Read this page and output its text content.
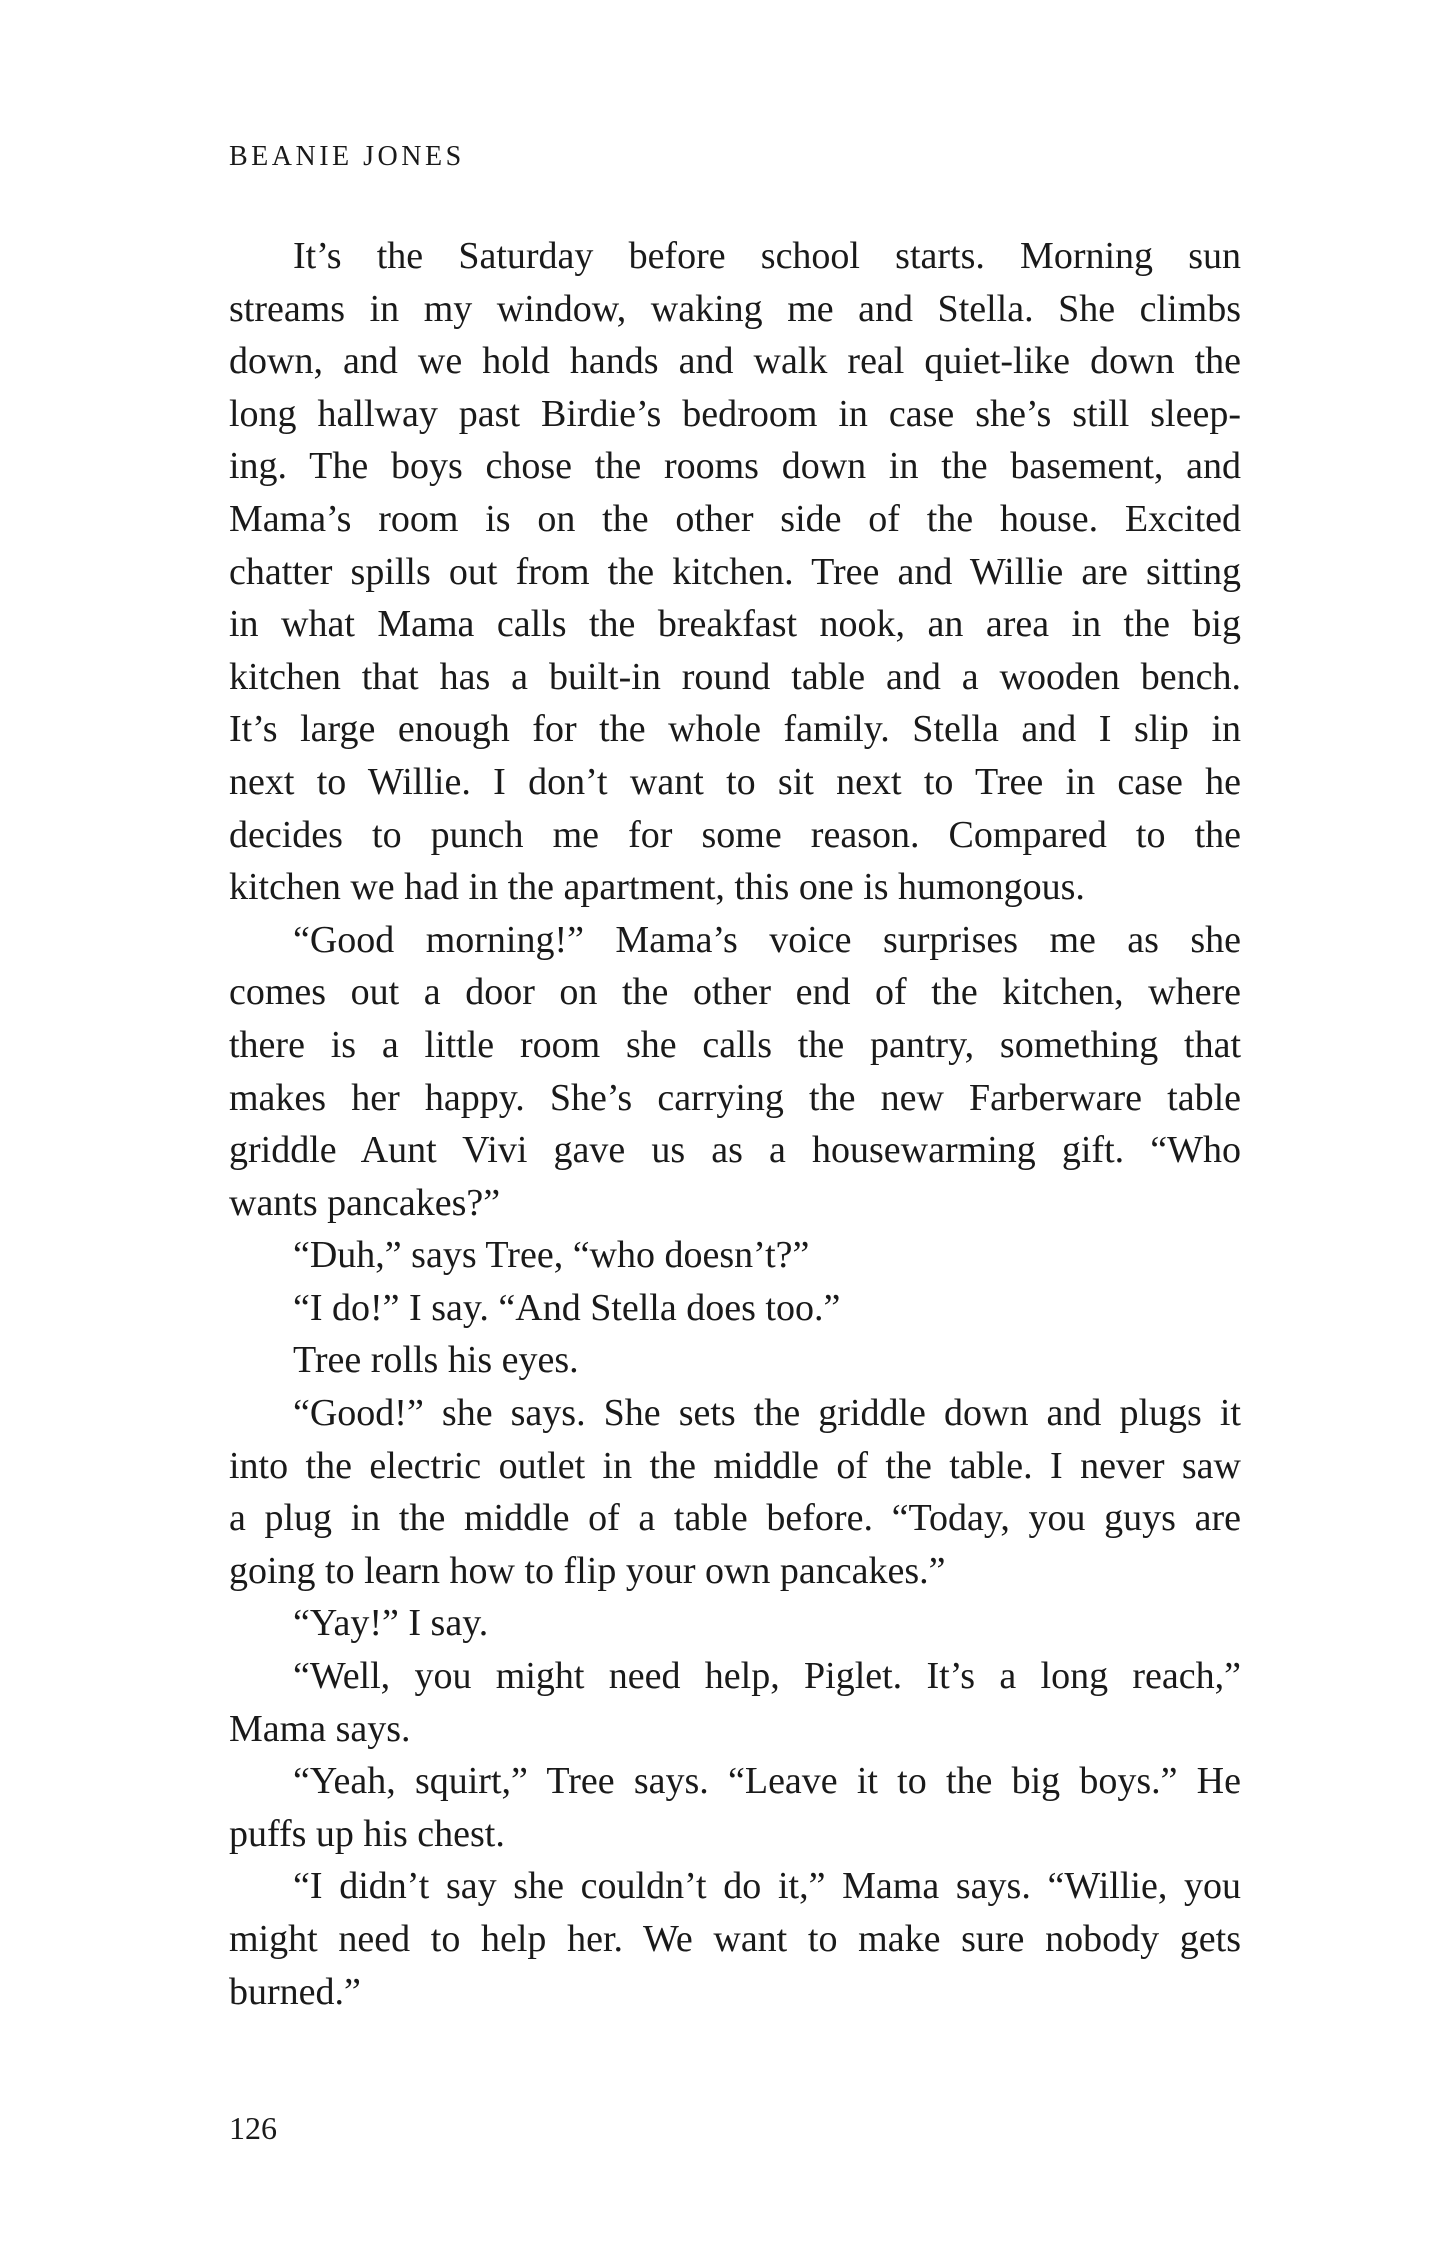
BEANIE JONES
It’s the Saturday before school starts. Morning sun
streams in my window, waking me and Stella. She climbs
down, and we hold hands and walk real quiet-like down the
long hallway past Birdie’s bedroom in case she’s still sleep-
ing. The boys chose the rooms down in the basement, and
Mama’s room is on the other side of the house. Excited
chatter spills out from the kitchen. Tree and Willie are sitting
in what Mama calls the breakfast nook, an area in the big
kitchen that has a built-in round table and a wooden bench.
It’s large enough for the whole family. Stella and I slip in
next to Willie. I don’t want to sit next to Tree in case he
decides to punch me for some reason. Compared to the
kitchen we had in the apartment, this one is humongous.
“Good morning!” Mama’s voice surprises me as she
comes out a door on the other end of the kitchen, where
there is a little room she calls the pantry, something that
makes her happy. She’s carrying the new Farberware table
griddle Aunt Vivi gave us as a housewarming gift. “Who
wants pancakes?”
“Duh,” says Tree, “who doesn’t?”
“I do!” I say. “And Stella does too.”
Tree rolls his eyes.
“Good!” she says. She sets the griddle down and plugs it
into the electric outlet in the middle of the table. I never saw
a plug in the middle of a table before. “Today, you guys are
going to learn how to flip your own pancakes.”
“Yay!” I say.
“Well, you might need help, Piglet. It’s a long reach,”
Mama says.
“Yeah, squirt,” Tree says. “Leave it to the big boys.” He
puffs up his chest.
“I didn’t say she couldn’t do it,” Mama says. “Willie, you
might need to help her. We want to make sure nobody gets
burned.”

126
